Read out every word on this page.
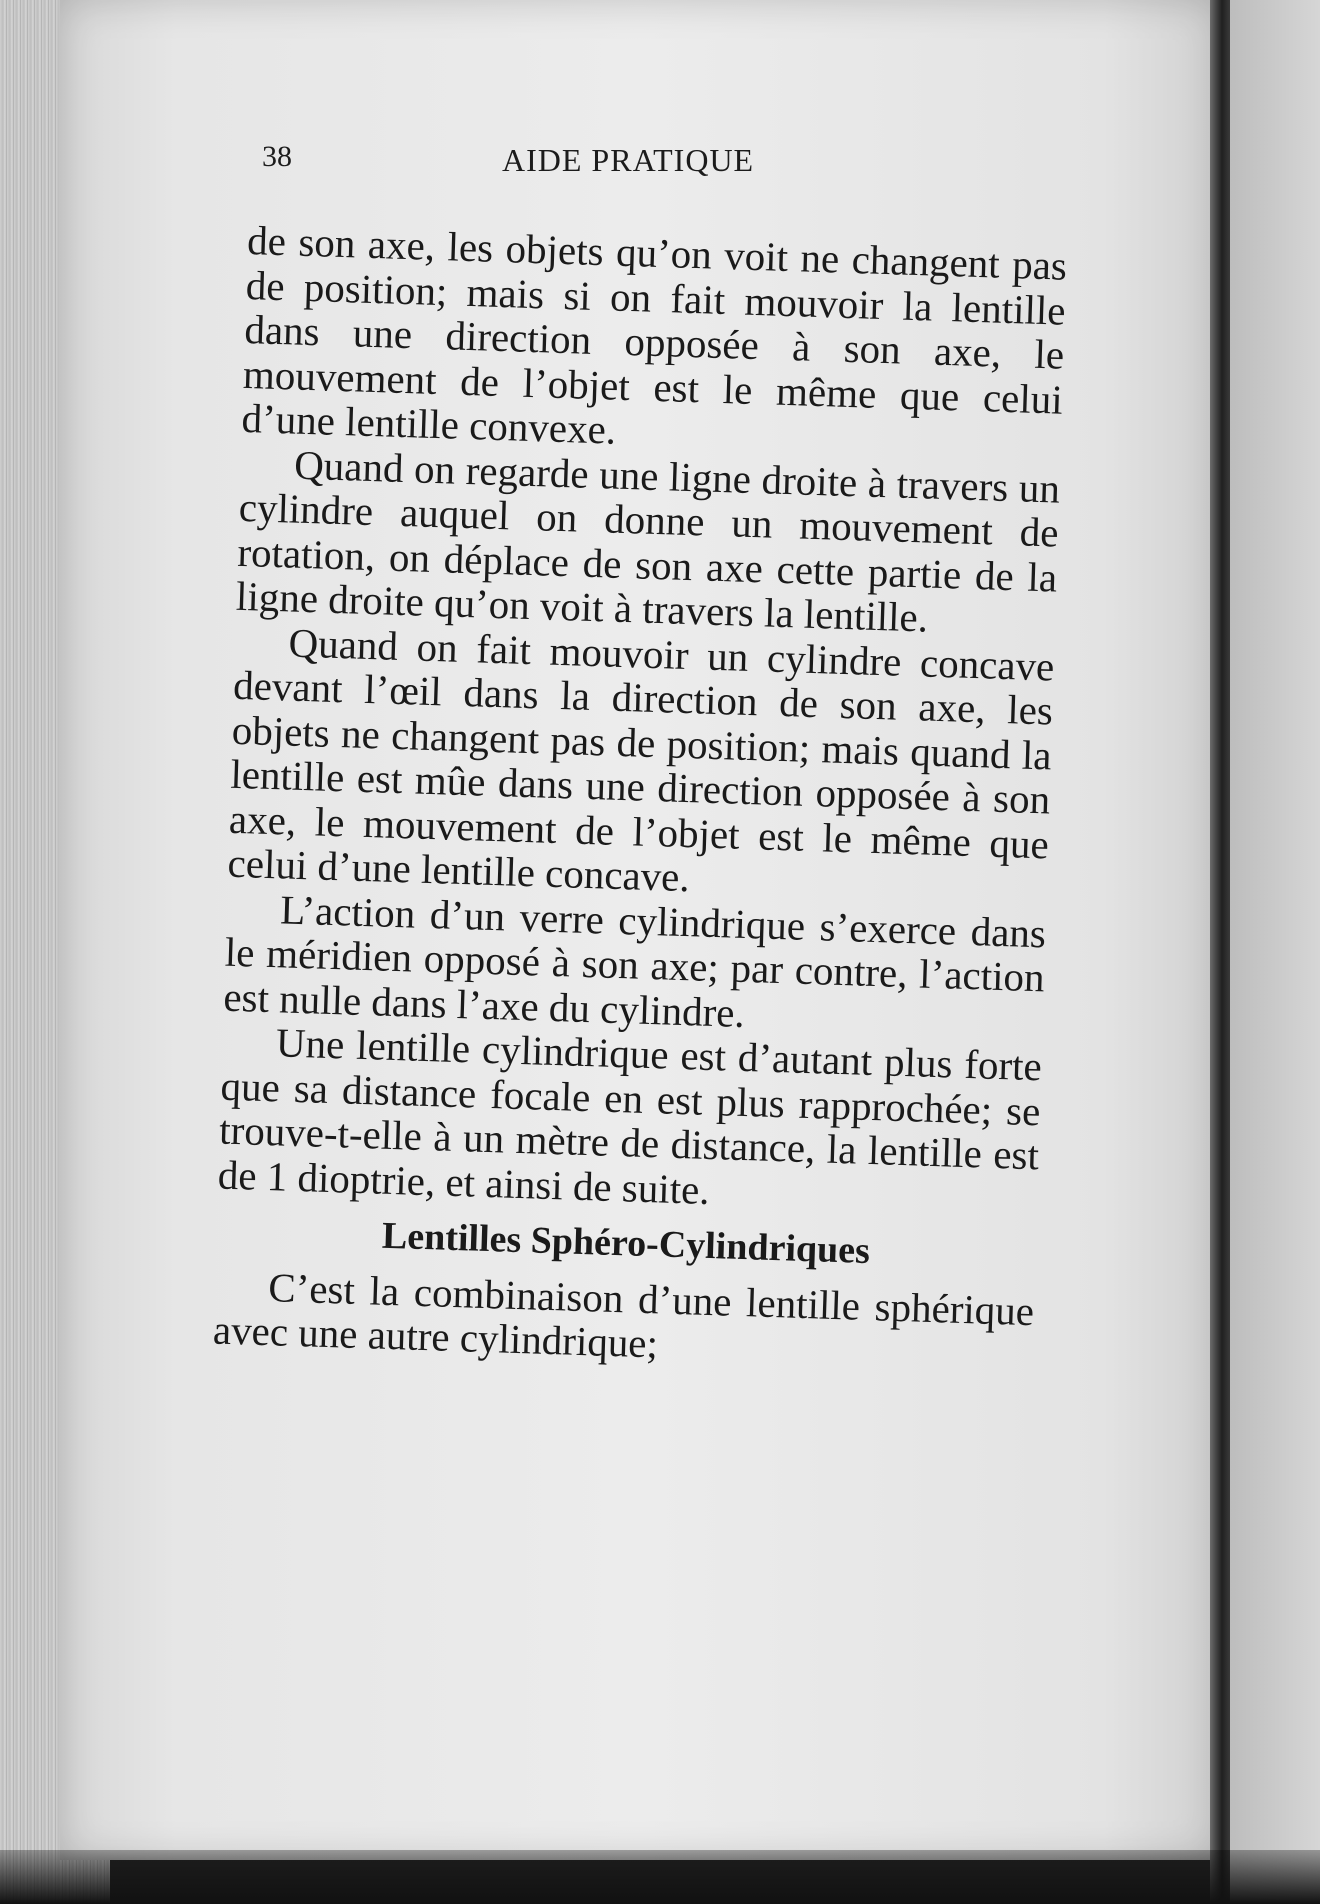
38	AIDE PRATIQUE

de son axe, les objets qu’on voit ne changent pas de position; mais si on fait mouvoir la lentille dans une direction opposée à son axe, le mouvement de l’objet est le même que celui d’une lentille convexe.

Quand on regarde une ligne droite à travers un cylindre auquel on donne un mouvement de rotation, on déplace de son axe cette partie de la ligne droite qu’on voit à travers la lentille.

Quand on fait mouvoir un cylindre concave devant l’œil dans la direction de son axe, les objets ne changent pas de position; mais quand la lentille est mûe dans une direction opposée à son axe, le mouvement de l’objet est le même que celui d’une lentille concave.

L’action d’un verre cylindrique s’exerce dans le méridien opposé à son axe; par contre, l’action est nulle dans l’axe du cylindre.

Une lentille cylindrique est d’autant plus forte que sa distance focale en est plus rapprochée; se trouve-t-elle à un mètre de distance, la lentille est de 1 dioptrie, et ainsi de suite.

Lentilles Sphéro-Cylindriques

C’est la combinaison d’une lentille sphérique avec une autre cylindrique;
